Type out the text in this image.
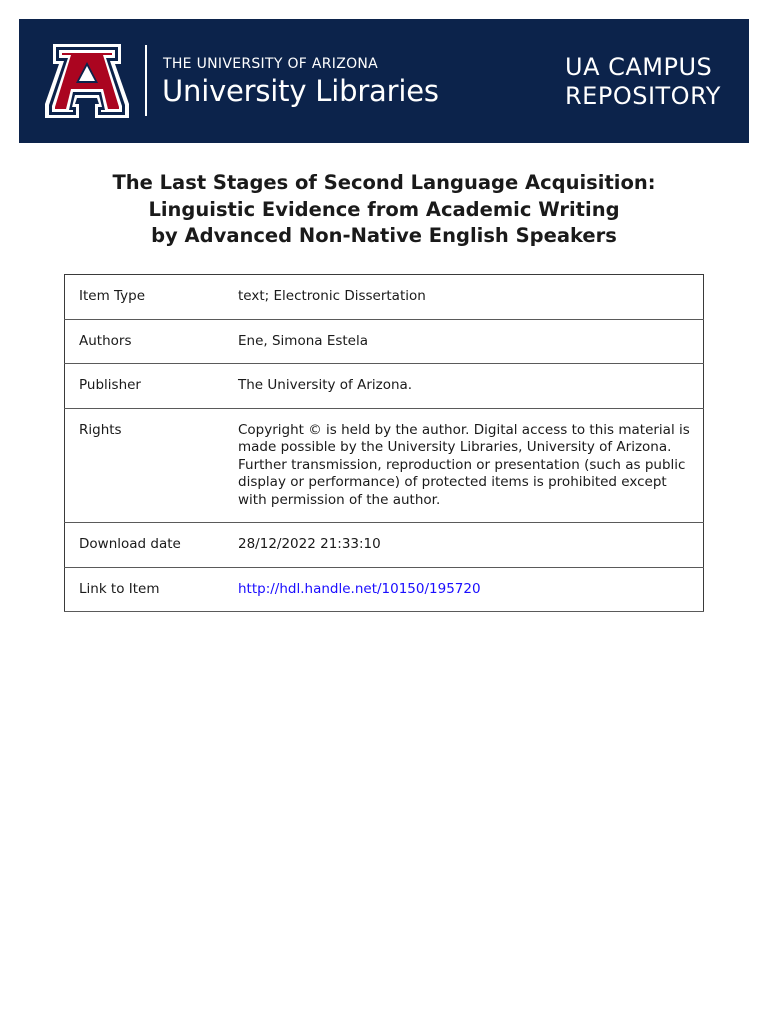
THE UNIVERSITY OF ARIZONA
University Libraries
UA CAMPUS
REPOSITORY
The Last Stages of Second Language Acquisition:
Linguistic Evidence from Academic Writing
by Advanced Non-Native English Speakers
Item Type	text; Electronic Dissertation
Authors	Ene, Simona Estela
Publisher	The University of Arizona.
Rights	Copyright © is held by the author. Digital access to this material is made possible by the University Libraries, University of Arizona. Further transmission, reproduction or presentation (such as public display or performance) of protected items is prohibited except with permission of the author.
Download date	28/12/2022 21:33:10
Link to Item	http://hdl.handle.net/10150/195720
